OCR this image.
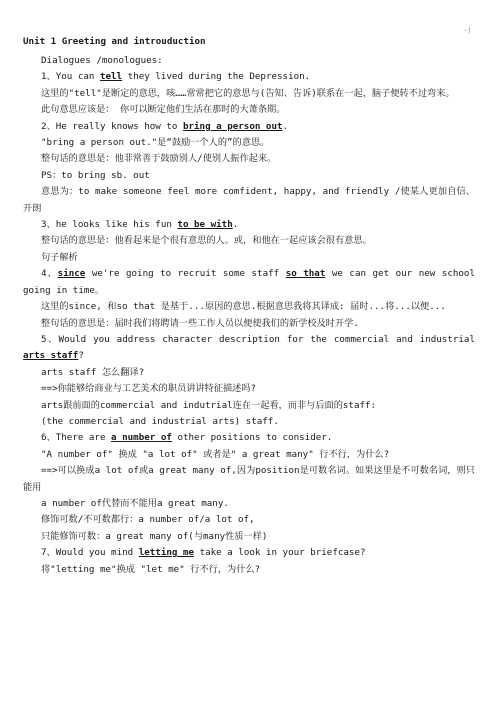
-|
Unit 1 Greeting and introuduction

Dialogues /monologues:

1、You can tell they lived during the Depression.

这里的"tell"是断定的意思，咳……常常把它的意思与(告知、告诉)联系在一起，脑子便转不过弯来。

此句意思应该是： 你可以断定他们生活在那时的大萧条期。

2、He really knows how to bring a person out.

"bring a person out."是“鼓励一个人的”的意思。

整句话的意思是：他非常善于鼓励别人/使别人振作起来。

PS：to bring sb. out

意思为：to make someone feel more comfident, happy, and friendly /使某人更加自信、开朗

3、he looks like his fun to be with.

整句话的意思是：他看起来是个很有意思的人。或，和他在一起应该会很有意思。

句子解析

4、since we're going to recruit some staff so that we can get our new school going in time。

这里的since, 和so that 是基于...原因的意思.根据意思我将其译成: 届时...将...以便...

整句话的意思是：届时我们将聘请一些工作人员以便使我们的新学校及时开学.

5、Would you address character description for the commercial and industrial arts staff?

arts staff 怎么翻译?

==>你能够给商业与工艺美术的职员讲讲特征描述吗?

arts跟前面的commercial and indutrial连在一起看，而非与后面的staff:

(the commercial and industrial arts) staff.

6、There are a number of other positions to consider.

"A number of" 换成 "a lot of" 或者是" a great many" 行不行，为什么?

==>可以换成a lot of或a great many of,因为position是可数名词。如果这里是不可数名词，则只能用

a number of代替而不能用a great many.

修饰可数/不可数都行：a number of/a lot of,

只能修饰可数：a great many of(与many性质一样)

7、Would you mind letting me take a look in your briefcase?

将"letting me"换成 "let me" 行不行，为什么?
